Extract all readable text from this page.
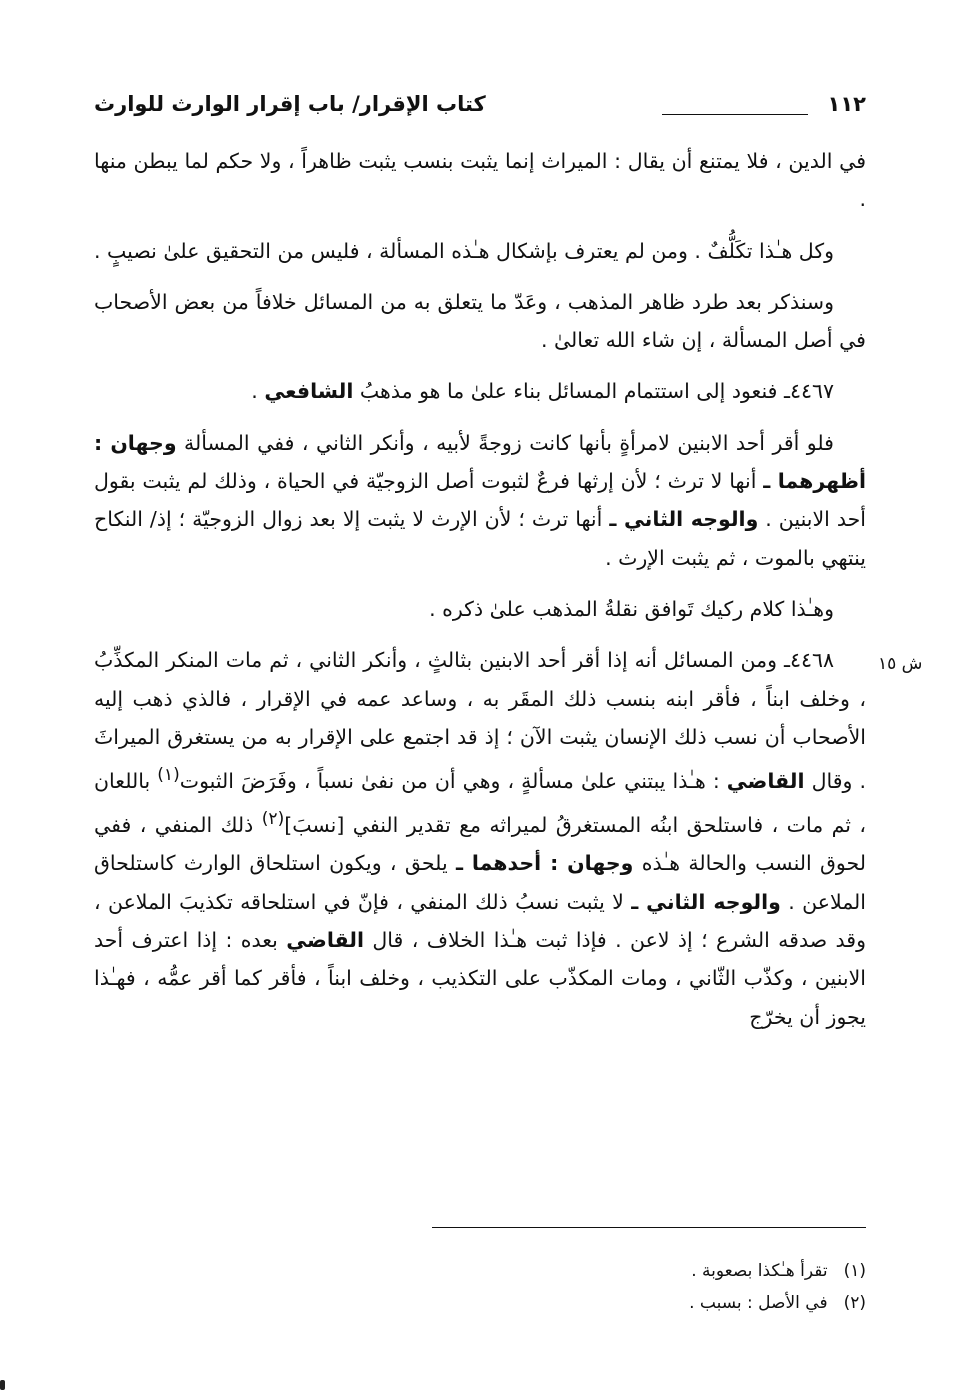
١١٢
كتاب الإقرار/ باب إقرار الوارث للوارث

في الدين ، فلا يمتنع أن يقال : الميراث إنما يثبت بنسب يثبت ظاهراً ، ولا حكم لما يبطن منها .

وكل هـٰذا تكَلُّفٌ . ومن لم يعترف بإشكال هـٰذه المسألة ، فليس من التحقيق علىٰ نصيبٍ .

وسنذكر بعد طرد ظاهر المذهب ، وعَدّ ما يتعلق به من المسائل خلافاً من بعض الأصحاب في أصل المسألة ، إن شاء الله تعالىٰ .

٤٤٦٧ـ فنعود إلى استتمام المسائل بناء علىٰ ما هو مذهبُ الشافعي .

فلو أقر أحد الابنين لامرأةٍ بأنها كانت زوجةً لأبيه ، وأنكر الثاني ، ففي المسألة وجهان : أظهرهما ـ أنها لا ترث ؛ لأن إرثها فرعٌ لثبوت أصل الزوجيّة في الحياة ، وذلك لم يثبت بقول أحد الابنين . والوجه الثاني ـ أنها ترث ؛ لأن الإرث لا يثبت إلا بعد زوال الزوجيّة ؛ إذ/ النكاح ينتهي بالموت ، ثم يثبت الإرث .

وهـٰذا كلام ركيك تَوافق نقلةُ المذهب علىٰ ذكره .

٤٤٦٨ـ ومن المسائل أنه إذا أقر أحد الابنين بثالثٍ ، وأنكر الثاني ، ثم مات المنكر المكذِّبُ ، وخلف ابناً ، فأقر ابنه بنسب ذلك المقَر به ، وساعد عمه في الإقرار ، فالذي ذهب إليه الأصحاب أن نسب ذلك الإنسان يثبت الآن ؛ إذ قد اجتمع على الإقرار به من يستغرق الميراثَ . وقال القاضي : هـٰذا يبتني علىٰ مسألةٍ ، وهي أن من نفىٰ نسباً ، وفَرَضَ الثبوت$^{(١)}$ باللعان ، ثم مات ، فاستلحق ابنُه المستغرقُ لميراثه مع تقدير النفي [نسبَ]$^{(٢)}$ ذلك المنفي ، ففي لحوق النسب والحالة هـٰذه وجهان : أحدهما ـ يلحق ، ويكون استلحاق الوارث كاستلحاق الملاعن . والوجه الثاني ـ لا يثبت نسبُ ذلك المنفي ، فإنّ في استلحاقه تكذيبَ الملاعن ، وقد صدقه الشرع ؛ إذ لاعن . فإذا ثبت هـٰذا الخلاف ، قال القاضي بعده : إذا اعترف أحد الابنين ، وكذّب الثّاني ، ومات المكذّب على التكذيب ، وخلف ابناً ، فأقر كما أقر عمُّه ، فهـٰذا يجوز أن يخرّج

ش ١٥
(١)تقرأ هـٰكذا بصعوبة .
(٢)في الأصل : بسبب .
